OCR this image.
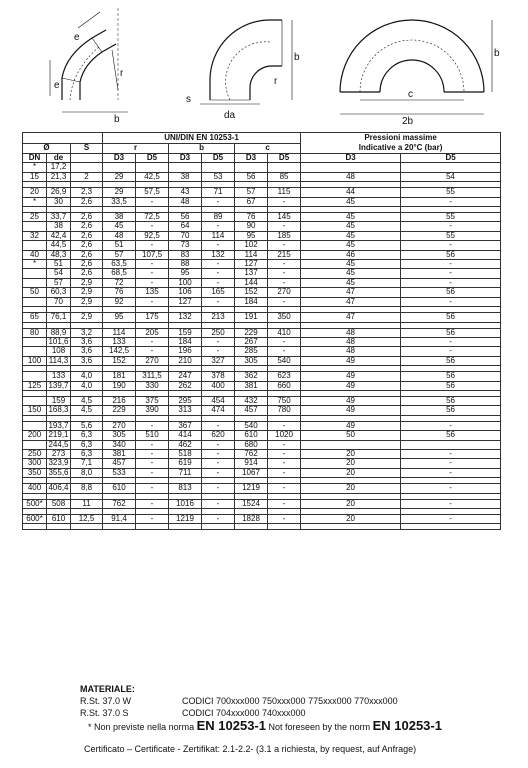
e
e
r
b
b
r
s
da
b
c
2b
			UNI/DIN EN 10253-1						Pressioni massime
Indicative a 20°C (bar)	
Ø		S	r		b		c			
DN	de		D3	D5	D3	D5	D3	D5	D3	D5
*	17,2									
15	21,3	2	29	42,5	38	53	56	85	48	54

20	26,9	2,3	29	57,5	43	71	57	115	44	55
*	30	2,6	33,5	-	48	-	67	-	45	-

25	33,7	2,6	38	72,5	56	89	76	145	45	55
	38	2,6	45	-	64	-	90	-	45	-
32	42,4	2,6	48	92,5	70	114	95	185	45	55
	44,5	2,6	51	-	73	-	102	-	45	-
40	48,3	2,6	57	107,5	83	132	114	215	46	56
*	51	2,6	63,5	-	88	-	127	-	45	-
	54	2,6	68,5	-	95	-	137	-	45	-
	57	2,9	72	-	100	-	144	-	45	-
50	60,3	2,9	76	135	106	165	152	270	47	56
	70	2,9	92	-	127	-	184	-	47	-

65	76,1	2,9	95	175	132	213	191	350	47	56

80	88,9	3,2	114	205	159	250	229	410	48	56
	101,6	3,6	133	-	184	-	267	-	48	-
	108	3,6	142,5	-	196	-	285	-	48	-
100	114,3	3,6	152	270	210	327	305	540	49	56

	133	4,0	181	311,5	247	378	362	623	49	56
125	139,7	4,0	190	330	262	400	381	660	49	56

	159	4,5	216	375	295	454	432	750	49	56
150	168,3	4,5	229	390	313	474	457	780	49	56

	193,7	5,6	270	-	367	-	540	-	49	-
200	219,1	6,3	305	510	414	620	610	1020	50	56
	244,5	6,3	340	-	462	-	680	-		
250	273	6,3	381	-	518	-	762	-	20	-
300	323,9	7,1	457	-	619	-	914	-	20	-
350	355,6	8,0	533	-	711	-	1067	-	20	-

400	406,4	8,8	610	-	813	-	1219	-	20	-

500*	508	11	762	-	1016	-	1524	-	20	-

600*	610	12,5	91,4	-	1219	-	1828	-	20	-

MATERIALE:
R.St. 37.0 W	CODICI 700xxx000 750xxx000 775xxx000 770xxx000
R.St. 37.0 S	CODICI 704xxx000 740xxx000
* Non previste nella norma EN 10253-1 Not foreseen by the norm EN 10253-1
Certificato – Certificate - Zertifikat: 2.1-2.2- (3.1 a richiesta, by request, auf Anfrage)
